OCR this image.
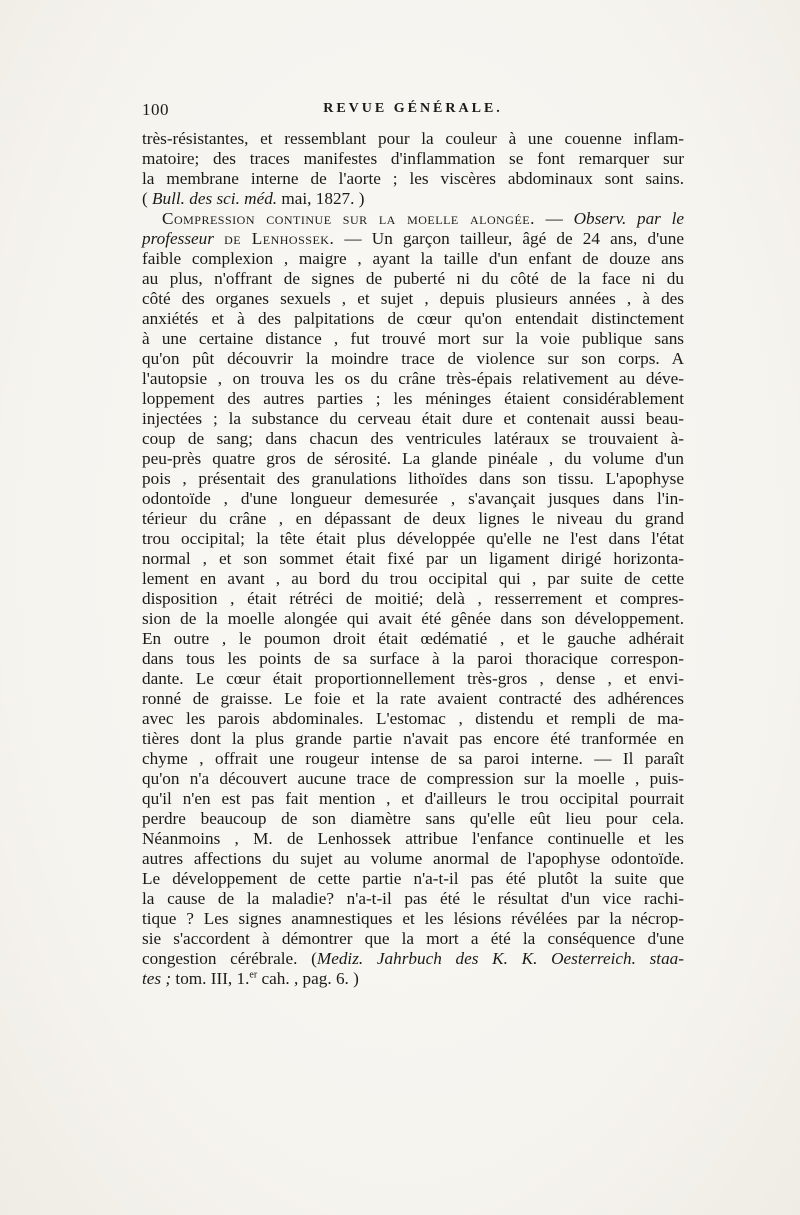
100	REVUE GÉNÉRALE.
très-résistantes, et ressemblant pour la couleur à une couenne inflam-
matoire; des traces manifestes d'inflammation se font remarquer sur
la membrane interne de l'aorte ; les viscères abdominaux sont sains.
( Bull. des sci. méd. mai, 1827. )
Compression continue sur la moelle alongée. — Observ. par le
professeur de Lenhossek. — Un garçon tailleur, âgé de 24 ans, d'une
faible complexion , maigre , ayant la taille d'un enfant de douze ans
au plus, n'offrant de signes de puberté ni du côté de la face ni du
côté des organes sexuels , et sujet , depuis plusieurs années , à des
anxiétés et à des palpitations de cœur qu'on entendait distinctement
à une certaine distance , fut trouvé mort sur la voie publique sans
qu'on pût découvrir la moindre trace de violence sur son corps. A
l'autopsie , on trouva les os du crâne très-épais relativement au déve-
loppement des autres parties ; les méninges étaient considérablement
injectées ; la substance du cerveau était dure et contenait aussi beau-
coup de sang; dans chacun des ventricules latéraux se trouvaient à-
peu-près quatre gros de sérosité. La glande pinéale , du volume d'un
pois , présentait des granulations lithoïdes dans son tissu. L'apophyse
odontoïde , d'une longueur demesurée , s'avançait jusques dans l'in-
térieur du crâne , en dépassant de deux lignes le niveau du grand
trou occipital; la tête était plus développée qu'elle ne l'est dans l'état
normal , et son sommet était fixé par un ligament dirigé horizonta-
lement en avant , au bord du trou occipital qui , par suite de cette
disposition , était rétréci de moitié; delà , resserrement et compres-
sion de la moelle alongée qui avait été gênée dans son développement.
En outre , le poumon droit était œdématié , et le gauche adhérait
dans tous les points de sa surface à la paroi thoracique correspon-
dante. Le cœur était proportionnellement très-gros , dense , et envi-
ronné de graisse. Le foie et la rate avaient contracté des adhérences
avec les parois abdominales. L'estomac , distendu et rempli de ma-
tières dont la plus grande partie n'avait pas encore été tranformée en
chyme , offrait une rougeur intense de sa paroi interne. — Il paraît
qu'on n'a découvert aucune trace de compression sur la moelle , puis-
qu'il n'en est pas fait mention , et d'ailleurs le trou occipital pourrait
perdre beaucoup de son diamètre sans qu'elle eût lieu pour cela.
Néanmoins , M. de Lenhossek attribue l'enfance continuelle et les
autres affections du sujet au volume anormal de l'apophyse odontoïde.
Le développement de cette partie n'a-t-il pas été plutôt la suite que
la cause de la maladie? n'a-t-il pas été le résultat d'un vice rachi-
tique ? Les signes anamnestiques et les lésions révélées par la nécrop-
sie s'accordent à démontrer que la mort a été la conséquence d'une
congestion cérébrale. (Mediz. Jahrbuch des K. K. Oesterreich. staa-
tes ; tom. III, 1.$^{er}$ cah. , pag. 6. )
